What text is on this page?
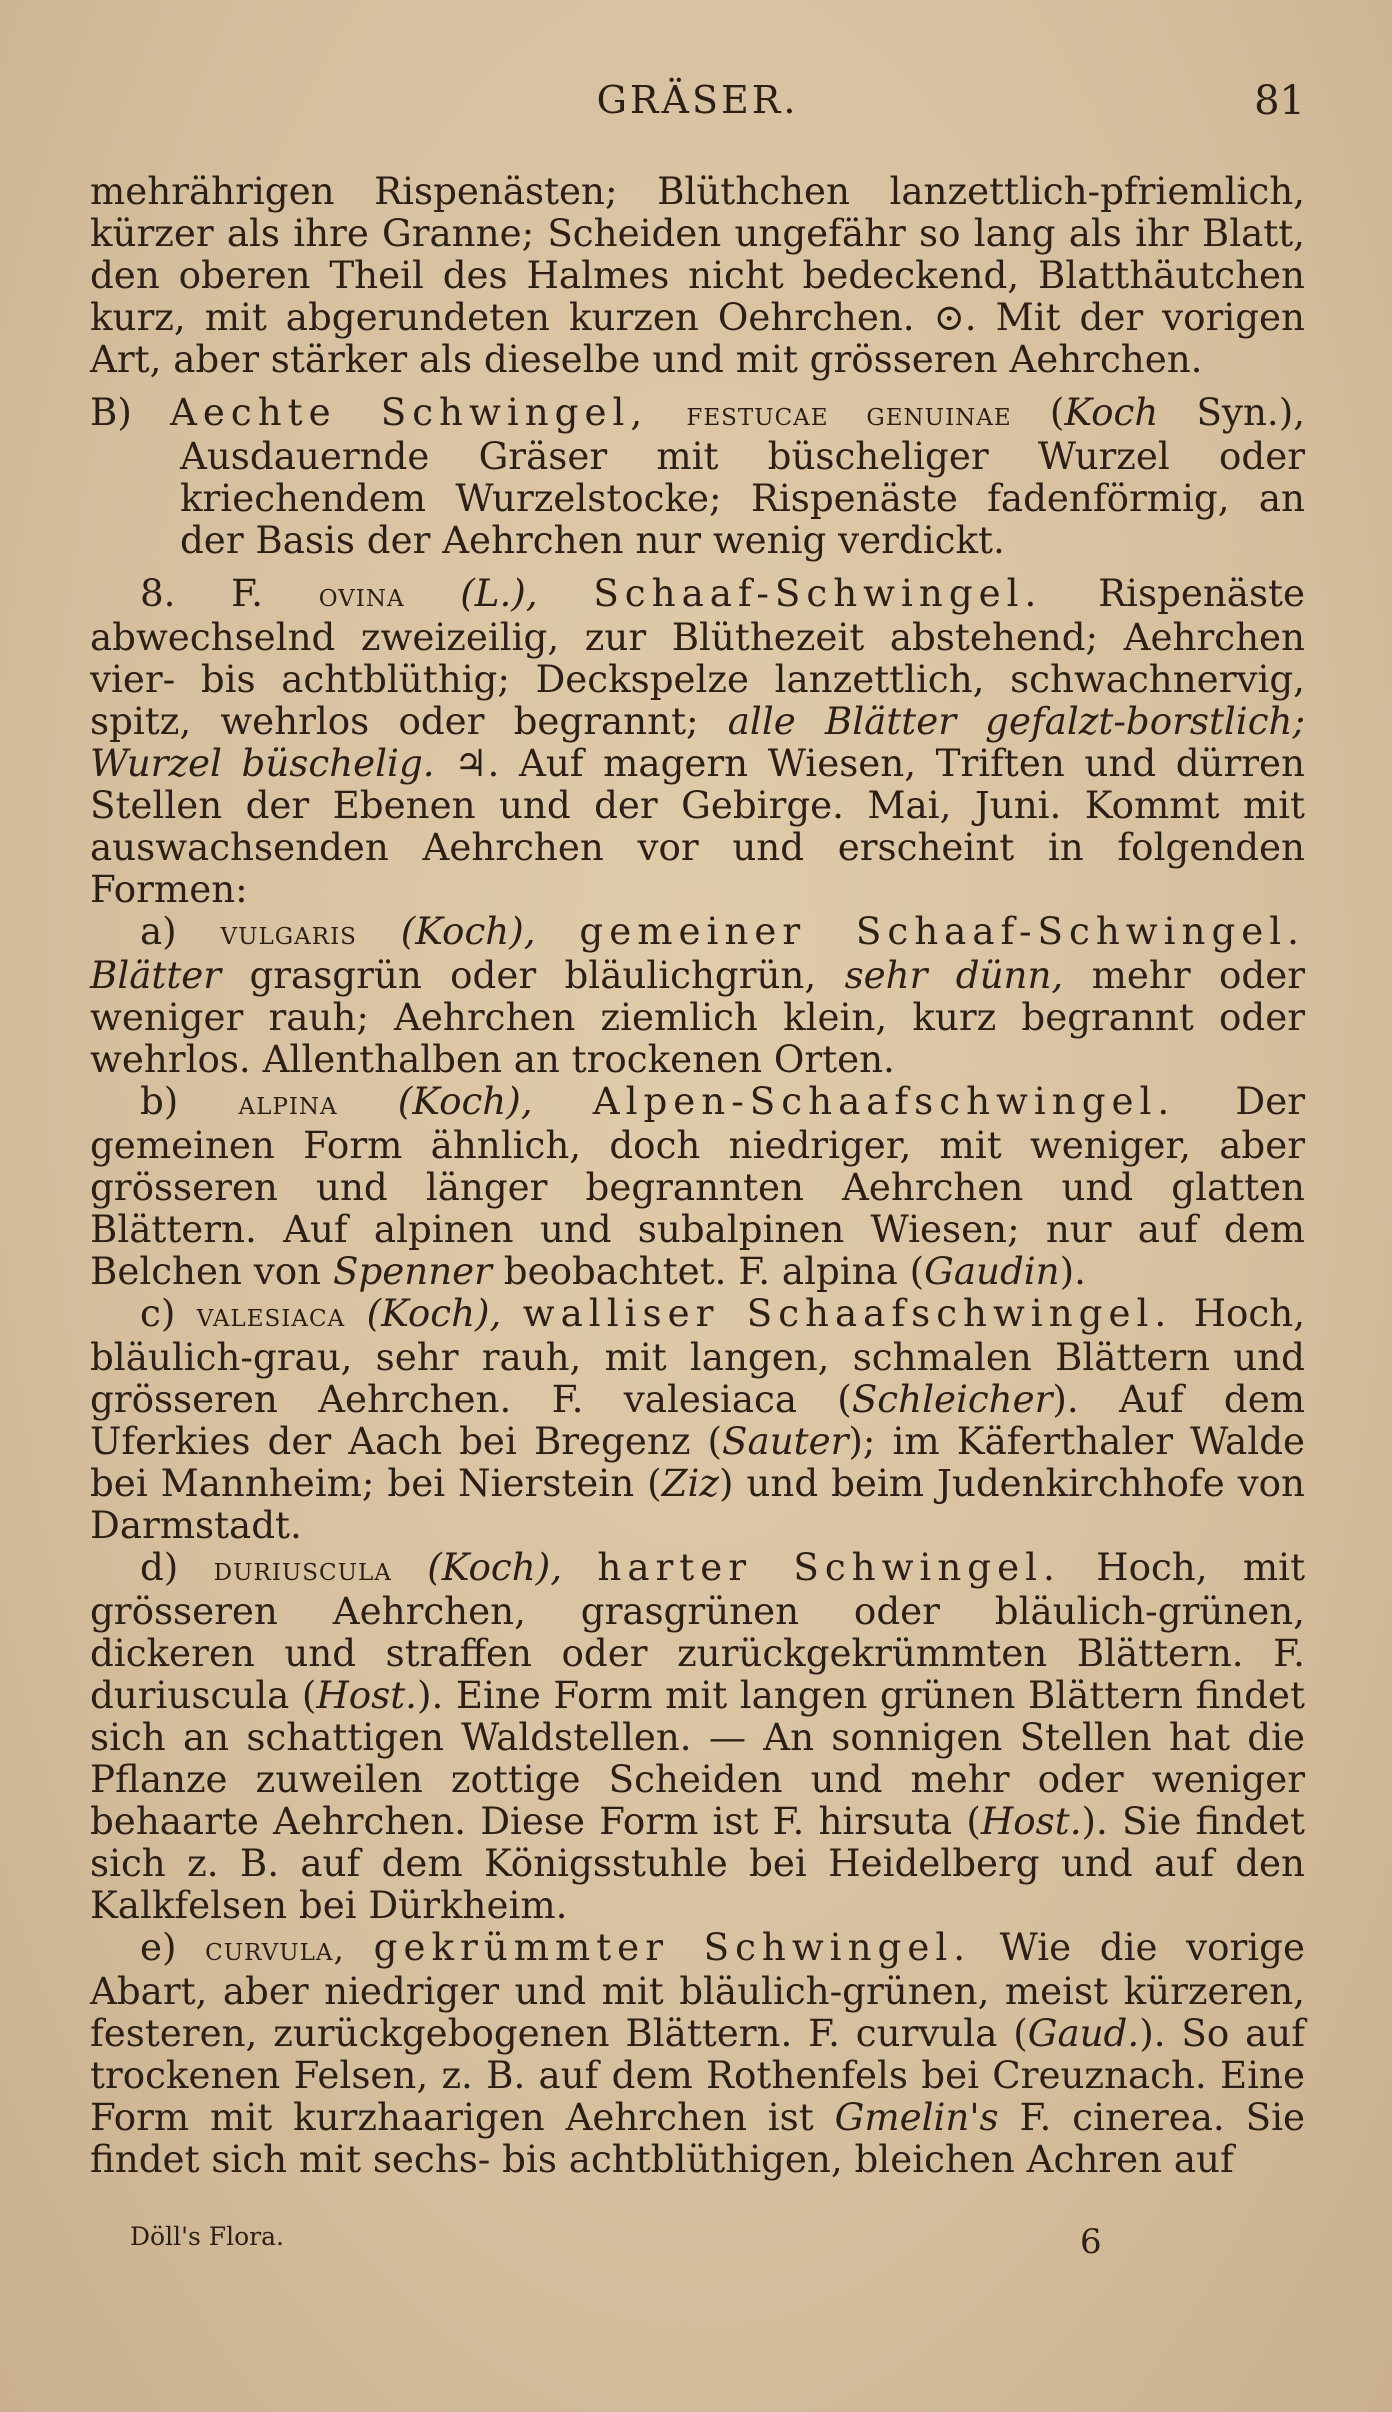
GRÄSER.	81

mehrährigen Rispenästen; Blüthchen lanzettlich-pfriemlich, kürzer als ihre Granne; Scheiden ungefähr so lang als ihr Blatt, den oberen Theil des Halmes nicht bedeckend, Blatthäutchen kurz, mit abgerundeten kurzen Oehrchen. ⊙. Mit der vorigen Art, aber stärker als dieselbe und mit grösseren Aehrchen.

B) Aechte Schwingel, festucae genuinae (Koch Syn.), Ausdauernde Gräser mit büscheliger Wurzel oder kriechendem Wurzelstocke; Rispenäste fadenförmig, an der Basis der Aehrchen nur wenig verdickt.

8. F. ovina (L.), Schaaf-Schwingel. Rispenäste abwechselnd zweizeilig, zur Blüthezeit abstehend; Aehrchen vier- bis achtblüthig; Deckspelze lanzettlich, schwachnervig, spitz, wehrlos oder begrannt; alle Blätter gefalzt-borstlich; Wurzel büschelig. ♃. Auf magern Wiesen, Triften und dürren Stellen der Ebenen und der Gebirge. Mai, Juni. Kommt mit auswachsenden Aehrchen vor und erscheint in folgenden Formen:

a) vulgaris (Koch), gemeiner Schaaf-Schwingel. Blätter grasgrün oder bläulichgrün, sehr dünn, mehr oder weniger rauh; Aehrchen ziemlich klein, kurz begrannt oder wehrlos. Allenthalben an trockenen Orten.

b) alpina (Koch), Alpen-Schaafschwingel. Der gemeinen Form ähnlich, doch niedriger, mit weniger, aber grösseren und länger begrannten Aehrchen und glatten Blättern. Auf alpinen und subalpinen Wiesen; nur auf dem Belchen von Spenner beobachtet. F. alpina (Gaudin).

c) valesiaca (Koch), walliser Schaafschwingel. Hoch, bläulich-grau, sehr rauh, mit langen, schmalen Blättern und grösseren Aehrchen. F. valesiaca (Schleicher). Auf dem Uferkies der Aach bei Bregenz (Sauter); im Käferthaler Walde bei Mannheim; bei Nierstein (Ziz) und beim Judenkirchhofe von Darmstadt.

d) duriuscula (Koch), harter Schwingel. Hoch, mit grösseren Aehrchen, grasgrünen oder bläulich-grünen, dickeren und straffen oder zurückgekrümmten Blättern. F. duriuscula (Host.). Eine Form mit langen grünen Blättern findet sich an schattigen Waldstellen. — An sonnigen Stellen hat die Pflanze zuweilen zottige Scheiden und mehr oder weniger behaarte Aehrchen. Diese Form ist F. hirsuta (Host.). Sie findet sich z. B. auf dem Königsstuhle bei Heidelberg und auf den Kalkfelsen bei Dürkheim.

e) curvula, gekrümmter Schwingel. Wie die vorige Abart, aber niedriger und mit bläulich-grünen, meist kürzeren, festeren, zurückgebogenen Blättern. F. curvula (Gaud.). So auf trockenen Felsen, z. B. auf dem Rothenfels bei Creuznach. Eine Form mit kurzhaarigen Aehrchen ist Gmelin's F. cinerea. Sie findet sich mit sechs- bis achtblüthigen, bleichen Achren auf

Döll's Flora.	6
